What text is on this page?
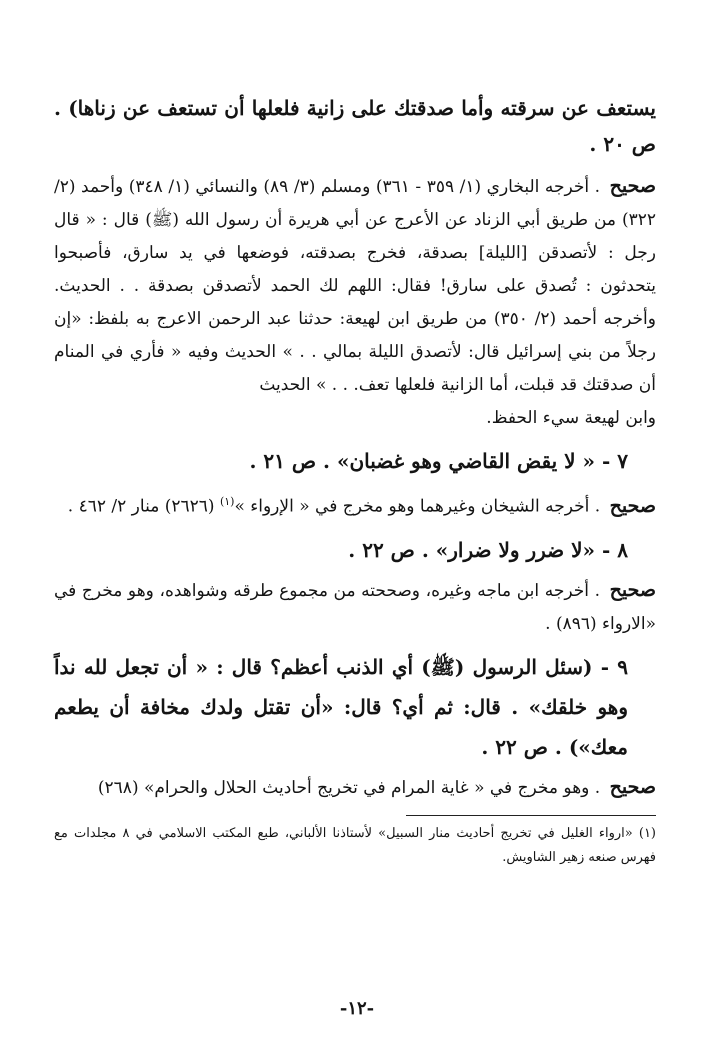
يستعف عن سرقته وأما صدقتك على زانية فلعلها أن تستعف عن زناها) . ص ٢٠ .

صحيح . أخرجه البخاري (١/ ٣٥٩ - ٣٦١) ومسلم (٣/ ٨٩) والنسائي (١/ ٣٤٨) وأحمد (٢/ ٣٢٢) من طريق أبي الزناد عن الأعرج عن أبي هريرة أن رسول الله (ﷺ) قال : « قال رجل : لأتصدقن [الليلة] بصدقة، فخرج بصدقته، فوضعها في يد سارق، فأصبحوا يتحدثون : تُصدق على سارق! فقال: اللهم لك الحمد لأتصدقن بصدقة . . الحديث. وأخرجه أحمد (٢/ ٣٥٠) من طريق ابن لهيعة: حدثنا عبد الرحمن الاعرج به بلفظ: «إن رجلاً من بني إسرائيل قال: لأتصدق الليلة بمالي . . » الحديث وفيه « فأري في المنام أن صدقتك قد قبلت، أما الزانية فلعلها تعف. . . » الحديث

وابن لهيعة سيء الحفظ.

٧ - « لا يقض القاضي وهو غضبان» . ص ٢١ .

صحيح . أخرجه الشيخان وغيرهما وهو مخرج في « الإرواء »$^{(١)}$ (٢٦٢٦) منار ٢/ ٤٦٢ .

٨ - «لا ضرر ولا ضرار» . ص ٢٢ .

صحيح . أخرجه ابن ماجه وغيره، وصححته من مجموع طرقه وشواهده، وهو مخرج في «الارواء (٨٩٦) .

٩ - (سئل الرسول (ﷺ) أي الذنب أعظم؟ قال : « أن تجعل لله نداً وهو خلقك» . قال: ثم أي؟ قال: «أن تقتل ولدك مخافة أن يطعم معك») . ص ٢٢ .

صحيح . وهو مخرج في « غاية المرام في تخريج أحاديث الحلال والحرام» (٢٦٨)

(١) «ارواء الغليل في تخريج أحاديث منار السبيل» لأستاذنا الألباني، طبع المكتب الاسلامي في ٨ مجلدات مع فهرس صنعه زهير الشاويش.

-١٢-
